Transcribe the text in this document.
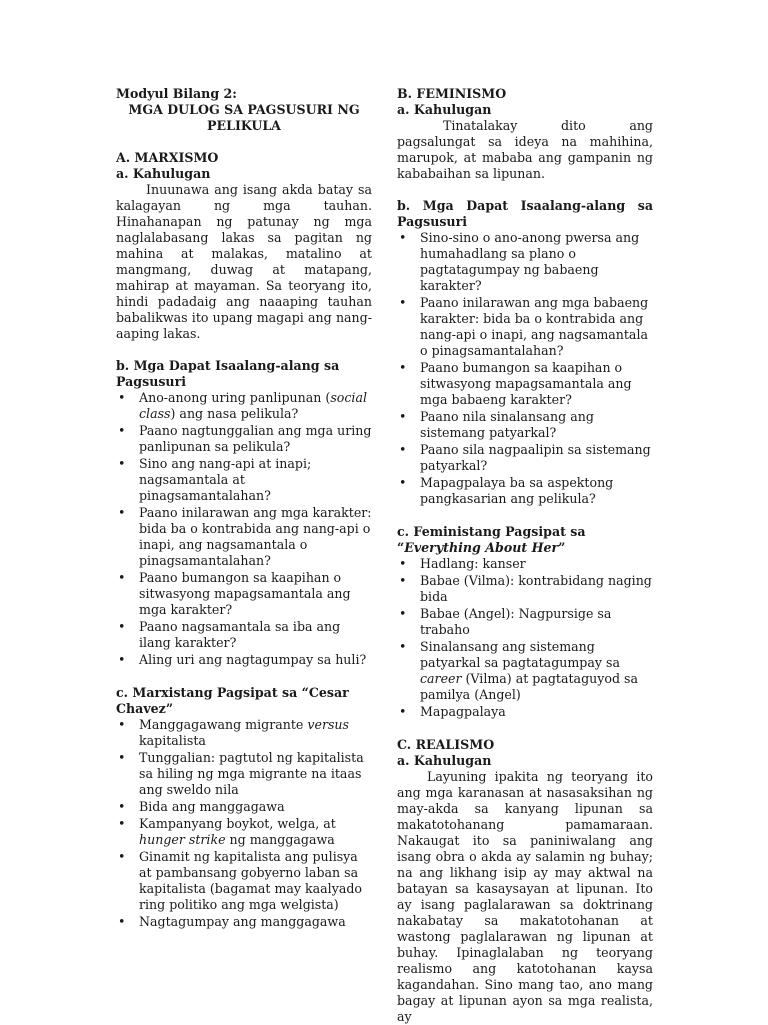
Modyul Bilang 2:
MGA DULOG SA PAGSUSURI NG
PELIKULA
A. MARXISMO
a. Kahulugan
Inuunawa ang isang akda batay sa kalagayan ng mga tauhan. Hinahanapan ng patunay ng mga naglalabasang lakas sa pagitan ng mahina at malakas, matalino at mangmang, duwag at matapang, mahirap at mayaman. Sa teoryang ito, hindi padadaig ang naaaping tauhan babalikwas ito upang magapi ang nang-aaping lakas.
b. Mga Dapat Isaalang-alang sa Pagsusuri
• Ano-anong uring panlipunan (social class) ang nasa pelikula?
• Paano nagtunggalian ang mga uring panlipunan sa pelikula?
• Sino ang nang-api at inapi; nagsamantala at pinagsamantalahan?
• Paano inilarawan ang mga karakter: bida ba o kontrabida ang nang-api o inapi, ang nagsamantala o pinagsamantalahan?
• Paano bumangon sa kaapihan o sitwasyong mapagsamantala ang mga karakter?
• Paano nagsamantala sa iba ang ilang karakter?
• Aling uri ang nagtagumpay sa huli?
c. Marxistang Pagsipat sa “Cesar Chavez”
• Manggagawang migrante versus kapitalista
• Tunggalian: pagtutol ng kapitalista sa hiling ng mga migrante na itaas ang sweldo nila
• Bida ang manggagawa
• Kampanyang boykot, welga, at hunger strike ng manggagawa
• Ginamit ng kapitalista ang pulisya at pambansang gobyerno laban sa kapitalista (bagamat may kaalyado ring politiko ang mga welgista)
• Nagtagumpay ang manggagawa
B. FEMINISMO
a. Kahulugan
Tinatalakay dito ang pagsalungat sa ideya na mahihina, marupok, at mababa ang gampanin ng kababaihan sa lipunan.
b. Mga Dapat Isaalang-alang sa Pagsusuri
• Sino-sino o ano-anong pwersa ang humahadlang sa plano o pagtatagumpay ng babaeng karakter?
• Paano inilarawan ang mga babaeng karakter: bida ba o kontrabida ang nang-api o inapi, ang nagsamantala o pinagsamantalahan?
• Paano bumangon sa kaapihan o sitwasyong mapagsamantala ang mga babaeng karakter?
• Paano nila sinalansang ang sistemang patyarkal?
• Paano sila nagpaalipin sa sistemang patyarkal?
• Mapagpalaya ba sa aspektong pangkasarian ang pelikula?
c. Feministang Pagsipat sa “Everything About Her”
• Hadlang: kanser
• Babae (Vilma): kontrabidang naging bida
• Babae (Angel): Nagpursige sa trabaho
• Sinalansang ang sistemang patyarkal sa pagtatagumpay sa career (Vilma) at pagtataguyod sa pamilya (Angel)
• Mapagpalaya
C. REALISMO
a. Kahulugan
Layuning ipakita ng teoryang ito ang mga karanasan at nasasaksihan ng may-akda sa kanyang lipunan sa makatotohanang pamamaraan. Nakaugat ito sa paniniwalang ang isang obra o akda ay salamin ng buhay; na ang likhang isip ay may aktwal na batayan sa kasaysayan at lipunan. Ito ay isang paglalarawan sa doktrinang nakabatay sa makatotohanan at wastong paglalarawan ng lipunan at buhay. Ipinaglalaban ng teoryang realismo ang katotohanan kaysa kagandahan. Sino mang tao, ano mang bagay at lipunan ayon sa mga realista, ay
